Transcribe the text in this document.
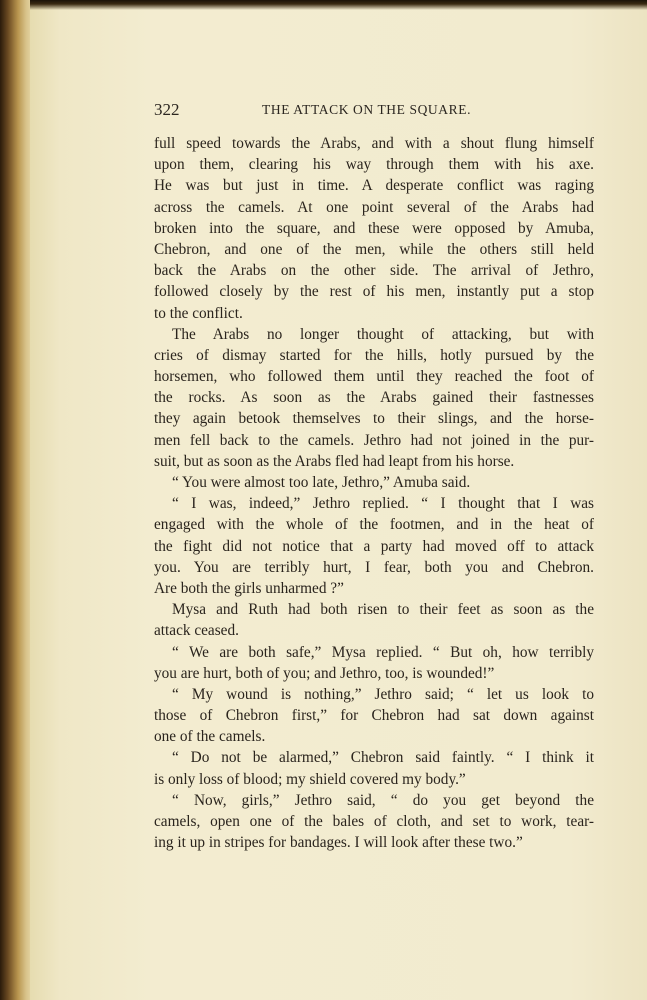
322	THE ATTACK ON THE SQUARE.
full speed towards the Arabs, and with a shout flung himself
upon them, clearing his way through them with his axe.
He was but just in time. A desperate conflict was raging
across the camels. At one point several of the Arabs had
broken into the square, and these were opposed by Amuba,
Chebron, and one of the men, while the others still held
back the Arabs on the other side. The arrival of Jethro,
followed closely by the rest of his men, instantly put a stop
to the conflict.
The Arabs no longer thought of attacking, but with
cries of dismay started for the hills, hotly pursued by the
horsemen, who followed them until they reached the foot of
the rocks. As soon as the Arabs gained their fastnesses
they again betook themselves to their slings, and the horse-
men fell back to the camels. Jethro had not joined in the pur-
suit, but as soon as the Arabs fled had leapt from his horse.
“ You were almost too late, Jethro,” Amuba said.
“ I was, indeed,” Jethro replied. “ I thought that I was
engaged with the whole of the footmen, and in the heat of
the fight did not notice that a party had moved off to attack
you. You are terribly hurt, I fear, both you and Chebron.
Are both the girls unharmed ?”
Mysa and Ruth had both risen to their feet as soon as the
attack ceased.
“ We are both safe,” Mysa replied. “ But oh, how terribly
you are hurt, both of you; and Jethro, too, is wounded!”
“ My wound is nothing,” Jethro said; “ let us look to
those of Chebron first,” for Chebron had sat down against
one of the camels.
“ Do not be alarmed,” Chebron said faintly. “ I think it
is only loss of blood; my shield covered my body.”
“ Now, girls,” Jethro said, “ do you get beyond the
camels, open one of the bales of cloth, and set to work, tear-
ing it up in stripes for bandages. I will look after these two.”
